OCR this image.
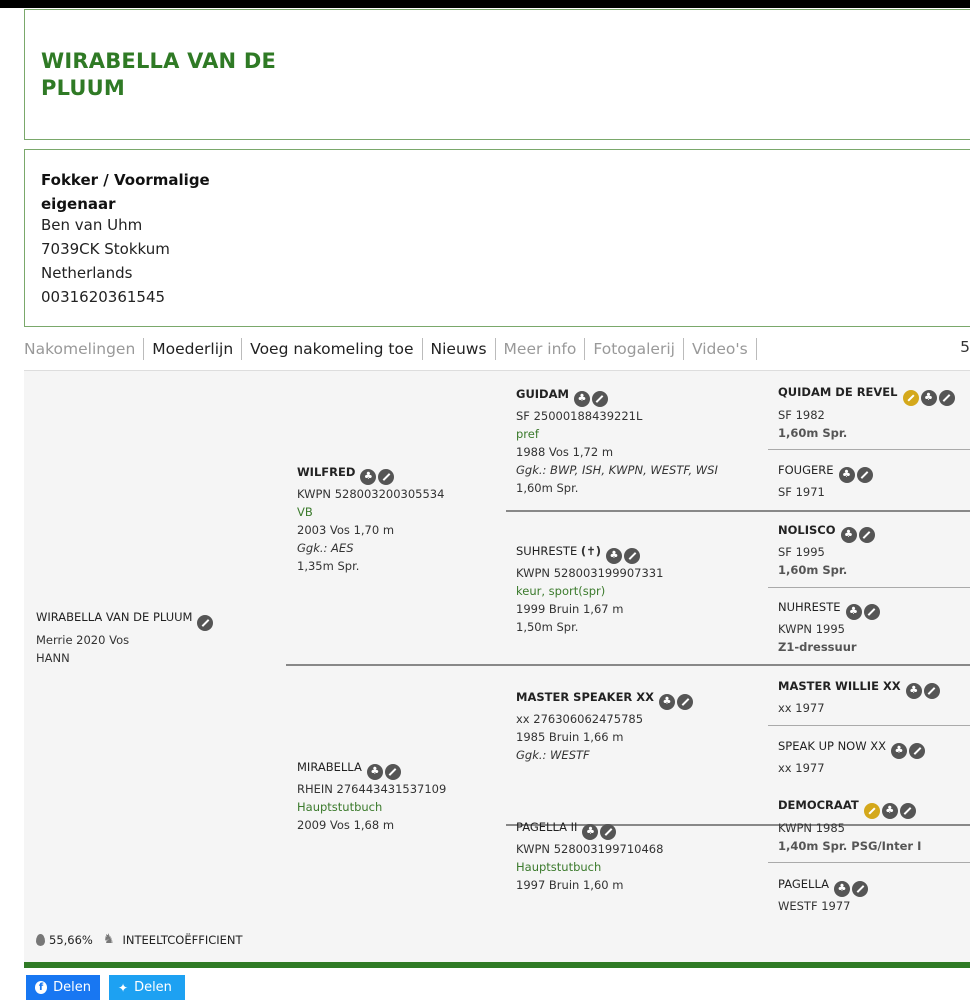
WIRABELLA VAN DE PLUUM
Fokker / Voormalige eigenaar
Ben van Uhm
7039CK Stokkum
Netherlands
0031620361545
Nakomelingen	Moederlijn	Voeg nakomeling toe	Nieuws	Meer info	Fotogalerij	Video's	5
WIRABELLA VAN DE PLUUM
Merrie 2020 Vos
HANN
WILFRED
♣
KWPN 528003200305534
VB
2003 Vos 1,70 m
Ggk.: AES
1,35m Spr.
MIRABELLA
♣
RHEIN 276443431537109
Hauptstutbuch
2009 Vos 1,68 m
GUIDAM
♣
SF 25000188439221L
pref
1988 Vos 1,72 m
Ggk.: BWP, ISH, KWPN, WESTF, WSI
1,60m Spr.
SUHRESTE (✝)
♣
KWPN 528003199907331
keur, sport(spr)
1999 Bruin 1,67 m
1,50m Spr.
MASTER SPEAKER XX
♣
xx 276306062475785
1985 Bruin 1,66 m
Ggk.: WESTF
PAGELLA II
♣
KWPN 528003199710468
Hauptstutbuch
1997 Bruin 1,60 m
QUIDAM DE REVEL
♣
SF 1982
1,60m Spr.
FOUGERE
♣
SF 1971
NOLISCO
♣
SF 1995
1,60m Spr.
NUHRESTE
♣
KWPN 1995
Z1-dressuur
MASTER WILLIE XX
♣
xx 1977
SPEAK UP NOW XX
♣
xx 1977
DEMOCRAAT
♣
KWPN 1985
1,40m Spr. PSG/Inter I
PAGELLA
♣
WESTF 1977
55,66% ♞ INTEELTCOËFFICIENT
f Delen ✦ Delen
